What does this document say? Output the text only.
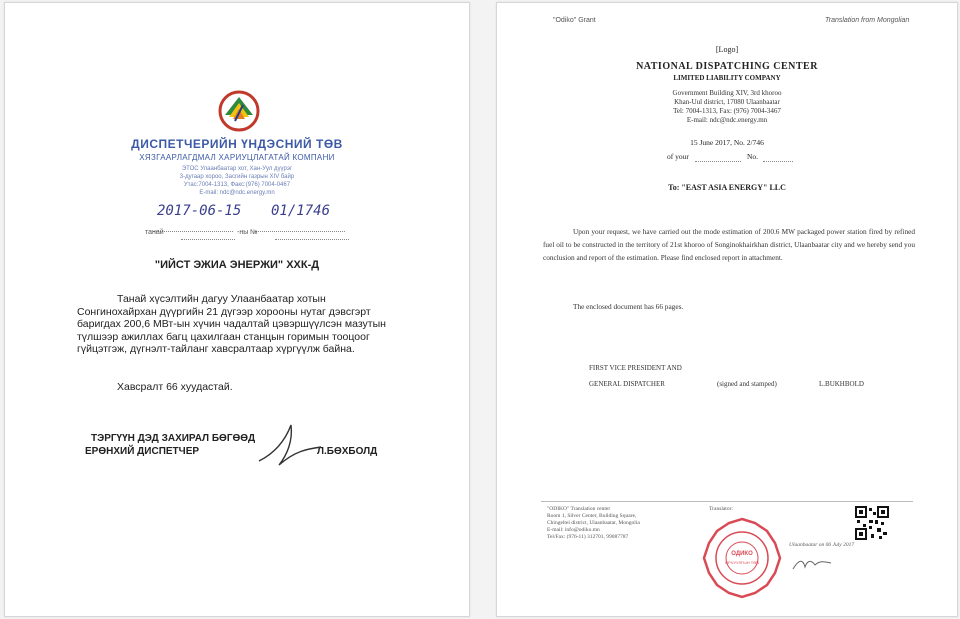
ДИСПЕТЧЕРИЙН ҮНДЭСНИЙ ТӨВ
ХЯЗГААРЛАГДМАЛ ХАРИУЦЛАГАТАЙ КОМПАНИ
ЭТОС Улаанбаатар хот, Хан-Уул дүүрэг
3-дугаар хороо, Засгийн газрын XIV байр
Утас:7004-1313, Факс:(976) 7004-0467
E-mail: ndc@ndc.energy.mn
2017-06-15 01/1746
танай	-ны №
"ИЙСТ ЭЖИА ЭНЕРЖИ" ХХК-Д

Танай хүсэлтийн дагуу Улаанбаатар хотын Сонгинохайрхан дүүргийн 21 дүгээр хорооны нутаг дэвсгэрт баригдах 200,6 МВт-ын хүчин чадалтай цэвэршүүлсэн мазутын түлшээр ажиллах багц цахилгаан станцын горимын тооцоог гүйцэтгэж, дүгнэлт-тайланг хавсралтаар хүргүүлж байна.

Хавсралт 66 хуудастай.
ТЭРГҮҮН ДЭД ЗАХИРАЛ БӨГӨӨД
ЕРӨНХИЙ ДИСПЕТЧЕР	Л.БӨХБОЛД
"Odiko" Grant	Translation from Mongolian
[Logo]
NATIONAL DISPATCHING CENTER
LIMITED LIABILITY COMPANY
Government Building XIV, 3rd khoroo
Khan-Uul district, 17080 Ulaanbaatar
Tel: 7004-1313, Fax: (976) 7004-3467
E-mail: ndc@ndc.energy.mn
15 June 2017, No. 2/746
of your	No.
To: "EAST ASIA ENERGY" LLC

Upon your request, we have carried out the mode estimation of 200.6 MW packaged power station fired by refined fuel oil to be constructed in the territory of 21st khoroo of Songinokhairkhan district, Ulaanbaatar city and we hereby send you conclusion and report of the estimation. Please find enclosed report in attachment.

The enclosed document has 66 pages.
FIRST VICE PRESIDENT AND
GENERAL DISPATCHER	(signed and stamped)	L.BUKHBOLD
"ODIKO" Translation center
Room 1, Silver Center, Building Square,
Chingeltei district, Ulaanbaatar, Mongolia
E-mail: info@odiko.mn
Tel/Fax: (976-11) 312701, 99087787
Translator:
Ulaanbaatar on 06 July 2017
ОДИКО
ОРЧУУЛГЫН ТӨВ
